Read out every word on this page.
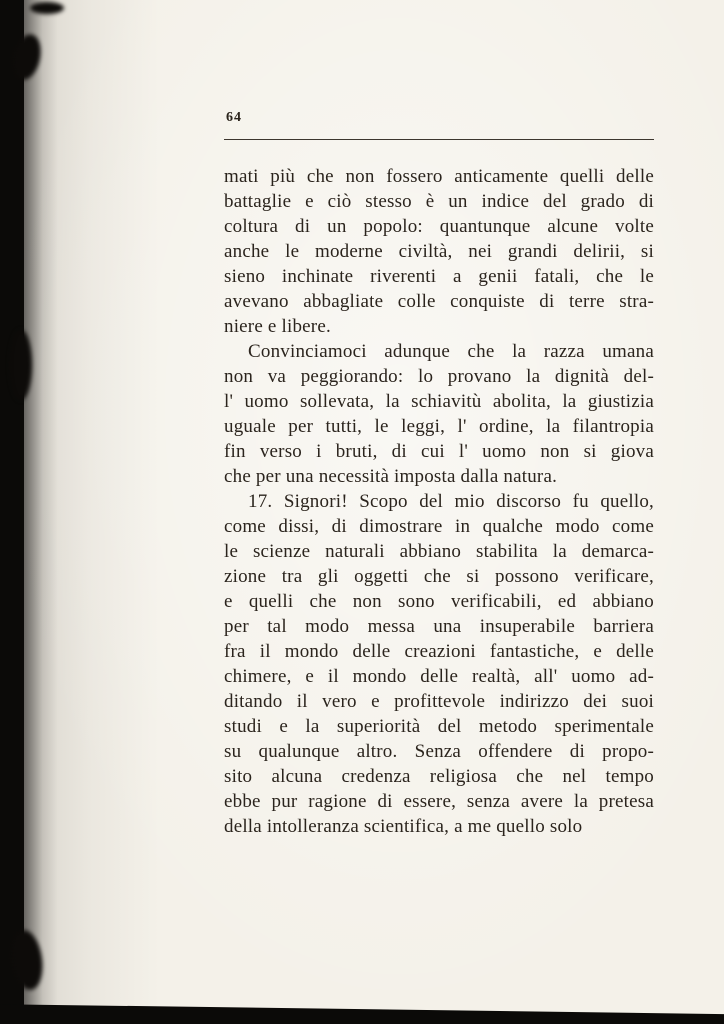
64
mati più che non fossero anticamente quelli delle
battaglie e ciò stesso è un indice del grado di
coltura di un popolo: quantunque alcune volte
anche le moderne civiltà, nei grandi delirii, si
sieno inchinate riverenti a genii fatali, che le
avevano abbagliate colle conquiste di terre stra-
niere e libere.
Convinciamoci adunque che la razza umana
non va peggiorando: lo provano la dignità del-
l' uomo sollevata, la schiavitù abolita, la giustizia
uguale per tutti, le leggi, l' ordine, la filantropia
fin verso i bruti, di cui l' uomo non si giova
che per una necessità imposta dalla natura.
17. Signori! Scopo del mio discorso fu quello,
come dissi, di dimostrare in qualche modo come
le scienze naturali abbiano stabilita la demarca-
zione tra gli oggetti che si possono verificare,
e quelli che non sono verificabili, ed abbiano
per tal modo messa una insuperabile barriera
fra il mondo delle creazioni fantastiche, e delle
chimere, e il mondo delle realtà, all' uomo ad-
ditando il vero e profittevole indirizzo dei suoi
studi e la superiorità del metodo sperimentale
su qualunque altro. Senza offendere di propo-
sito alcuna credenza religiosa che nel tempo
ebbe pur ragione di essere, senza avere la pretesa
della intolleranza scientifica, a me quello solo
